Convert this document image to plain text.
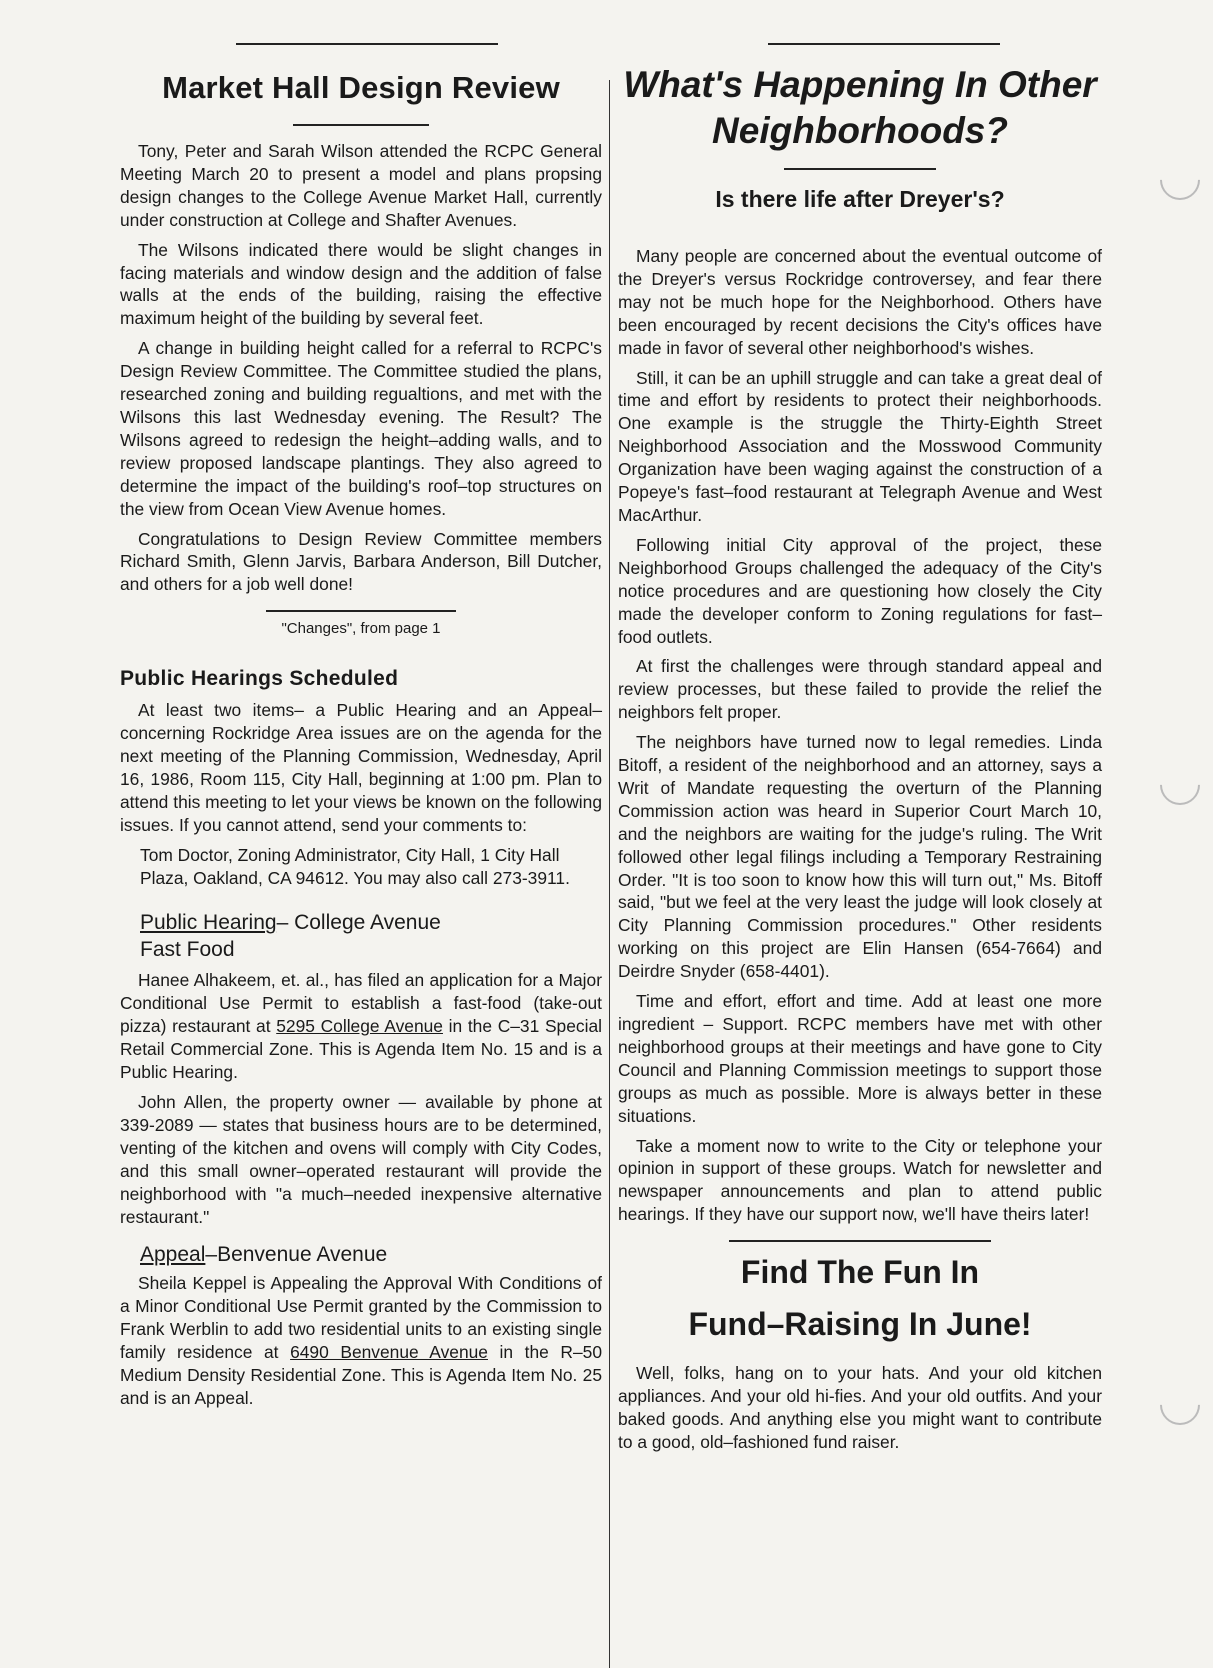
Market Hall Design Review

Tony, Peter and Sarah Wilson attended the RCPC General Meeting March 20 to present a model and plans propsing design changes to the College Avenue Market Hall, currently under construction at College and Shafter Avenues.

The Wilsons indicated there would be slight changes in facing materials and window design and the addition of false walls at the ends of the building, raising the effective maximum height of the building by several feet.

A change in building height called for a referral to RCPC's Design Review Committee. The Committee studied the plans, researched zoning and building regualtions, and met with the Wilsons this last Wednesday evening. The Result? The Wilsons agreed to redesign the height–adding walls, and to review proposed landscape plantings. They also agreed to determine the impact of the building's roof–top structures on the view from Ocean View Avenue homes.

Congratulations to Design Review Committee members Richard Smith, Glenn Jarvis, Barbara Anderson, Bill Dutcher, and others for a job well done!

"Changes", from page 1
Public Hearings Scheduled

At least two items– a Public Hearing and an Appeal– concerning Rockridge Area issues are on the agenda for the next meeting of the Planning Commission, Wednesday, April 16, 1986, Room 115, City Hall, beginning at 1:00 pm. Plan to attend this meeting to let your views be known on the following issues. If you cannot attend, send your comments to:

Tom Doctor, Zoning Administrator, City Hall, 1 City Hall Plaza, Oakland, CA 94612. You may also call 273-3911.
Public Hearing– College Avenue
Fast Food

Hanee Alhakeem, et. al., has filed an application for a Major Conditional Use Permit to establish a fast-food (take-out pizza) restaurant at 5295 College Avenue in the C–31 Special Retail Commercial Zone. This is Agenda Item No. 15 and is a Public Hearing.

John Allen, the property owner — available by phone at 339-2089 — states that business hours are to be determined, venting of the kitchen and ovens will comply with City Codes, and this small owner–operated restaurant will provide the neighborhood with "a much–needed inexpensive alternative restaurant."

Appeal–Benvenue Avenue

Sheila Keppel is Appealing the Approval With Conditions of a Minor Conditional Use Permit granted by the Commission to Frank Werblin to add two residential units to an existing single family residence at 6490 Benvenue Avenue in the R–50 Medium Density Residential Zone. This is Agenda Item No. 25 and is an Appeal.

What's Happening In Other Neighborhoods?
Is there life after Dreyer's?

Many people are concerned about the eventual outcome of the Dreyer's versus Rockridge controversey, and fear there may not be much hope for the Neighborhood. Others have been encouraged by recent decisions the City's offices have made in favor of several other neighborhood's wishes.

Still, it can be an uphill struggle and can take a great deal of time and effort by residents to protect their neighborhoods. One example is the struggle the Thirty-Eighth Street Neighborhood Association and the Mosswood Community Organization have been waging against the construction of a Popeye's fast–food restaurant at Telegraph Avenue and West MacArthur.

Following initial City approval of the project, these Neighborhood Groups challenged the adequacy of the City's notice procedures and are questioning how closely the City made the developer conform to Zoning regulations for fast–food outlets.

At first the challenges were through standard appeal and review processes, but these failed to provide the relief the neighbors felt proper.

The neighbors have turned now to legal remedies. Linda Bitoff, a resident of the neighborhood and an attorney, says a Writ of Mandate requesting the overturn of the Planning Commission action was heard in Superior Court March 10, and the neighbors are waiting for the judge's ruling. The Writ followed other legal filings including a Temporary Restraining Order. "It is too soon to know how this will turn out," Ms. Bitoff said, "but we feel at the very least the judge will look closely at City Planning Commission procedures." Other residents working on this project are Elin Hansen (654-7664) and Deirdre Snyder (658-4401).

Time and effort, effort and time. Add at least one more ingredient – Support. RCPC members have met with other neighborhood groups at their meetings and have gone to City Council and Planning Commission meetings to support those groups as much as possible. More is always better in these situations.

Take a moment now to write to the City or telephone your opinion in support of these groups. Watch for newsletter and newspaper announcements and plan to attend public hearings. If they have our support now, we'll have theirs later!

Find The Fun In
Fund–Raising In June!

Well, folks, hang on to your hats. And your old kitchen appliances. And your old hi-fies. And your old outfits. And your baked goods. And anything else you might want to contribute to a good, old–fashioned fund raiser.
